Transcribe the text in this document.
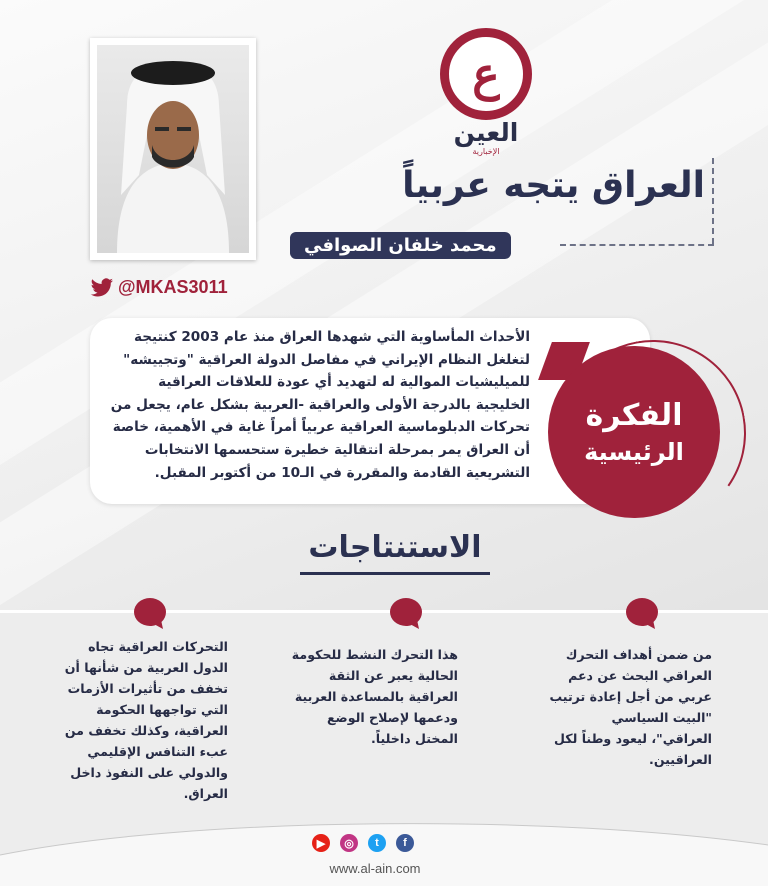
ع
العين
الإخبارية
العراق يتجه عربياً
محمد خلفان الصوافي
@MKAS3011
الأحداث المأساوية التي شهدها العراق منذ عام 2003 كنتيجة لتغلغل النظام الإيراني في مفاصل الدولة العراقية "وتجييشه" للميليشيات الموالية له لتهديد أي عودة للعلاقات العراقية الخليجية بالدرجة الأولى والعراقية -العربية بشكل عام، يجعل من تحركات الدبلوماسية العراقية عربياً أمراً غاية في الأهمية، خاصة أن العراق يمر بمرحلة انتقالية خطيرة ستحسمها الانتخابات التشريعية القادمة والمقررة في الـ10 من أكتوبر المقبل.
الفكرة
الرئيسية
الاستنتاجات
من ضمن أهداف التحرك العراقي البحث عن دعم عربي من أجل إعادة ترتيب "البيت السياسي العراقي"، ليعود وطناً لكل العراقيين.
هذا التحرك النشط للحكومة الحالية يعبر عن الثقة العراقية بالمساعدة العربية ودعمها لإصلاح الوضع المختل داخلياً.
التحركات العراقية تجاه الدول العربية من شأنها أن تخفف من تأثيرات الأزمات التي تواجهها الحكومة العراقية، وكذلك تخفف من عبء التنافس الإقليمي والدولي على النفوذ داخل العراق.
▶	◎	t	f
www.al-ain.com
